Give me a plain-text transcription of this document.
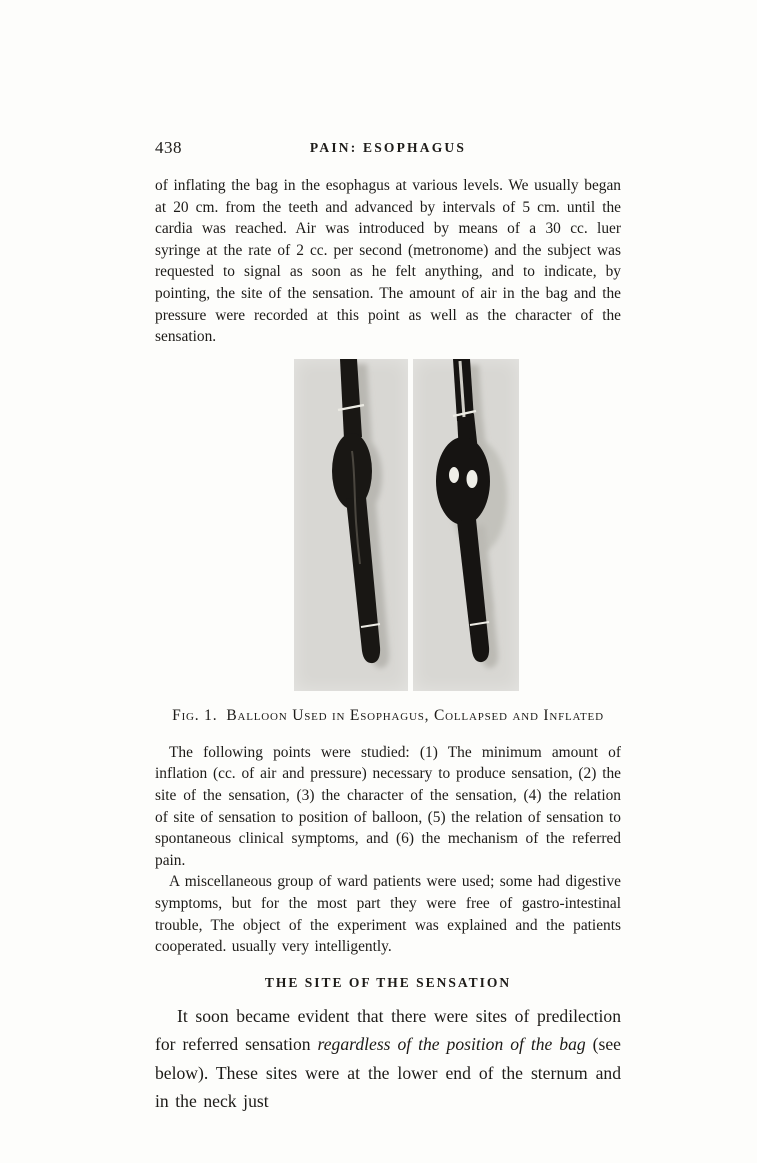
438	PAIN: ESOPHAGUS

of inflating the bag in the esophagus at various levels. We usually began at 20 cm. from the teeth and advanced by intervals of 5 cm. until the cardia was reached. Air was introduced by means of a 30 cc. luer syringe at the rate of 2 cc. per second (metronome) and the subject was requested to signal as soon as he felt anything, and to indicate, by pointing, the site of the sensation. The amount of air in the bag and the pressure were recorded at this point as well as the character of the sensation.

Fig. 1. Balloon Used in Esophagus, Collapsed and Inflated

The following points were studied: (1) The minimum amount of inflation (cc. of air and pressure) necessary to produce sensation, (2) the site of the sensation, (3) the character of the sensation, (4) the relation of site of sensation to position of balloon, (5) the relation of sensation to spontaneous clinical symptoms, and (6) the mechanism of the referred pain.

A miscellaneous group of ward patients were used; some had digestive symptoms, but for the most part they were free of gastro-intestinal trouble, The object of the experiment was explained and the patients cooperated. usually very intelligently.

THE SITE OF THE SENSATION

It soon became evident that there were sites of predilection for referred sensation regardless of the position of the bag (see below). These sites were at the lower end of the sternum and in the neck just
